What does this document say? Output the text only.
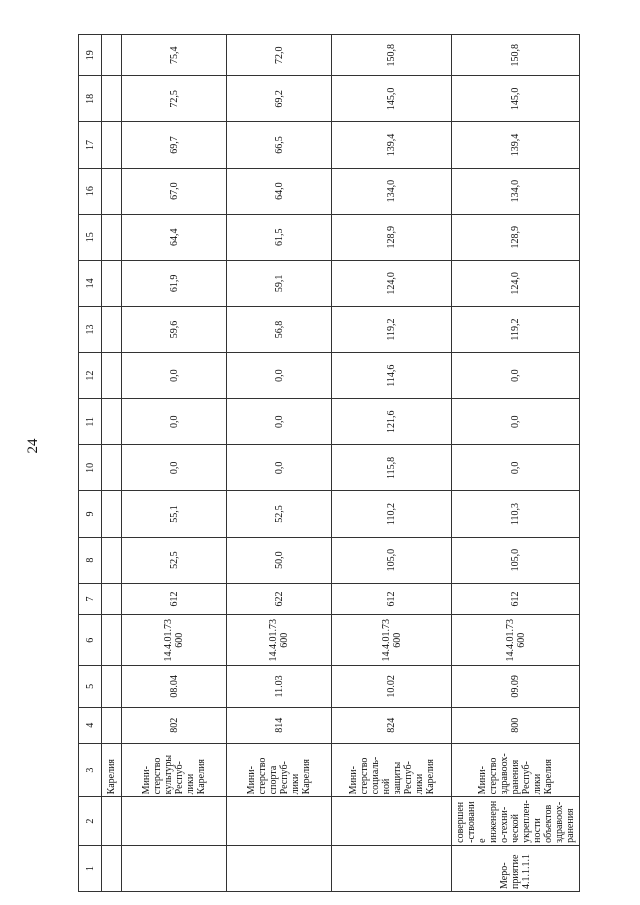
24
1	2	3	4	5	6	7	8	9	10	11	12	13	14	15	16	17	18	19
		Карелия																
		Мини-стерство культуры Респуб-лики Карелия	802	08.04	14.4.01.73600	612	52,5	55,1	0,0	0,0	0,0	59,6	61,9	64,4	67,0	69,7	72,5	75,4
		Мини-стерство спорта Респуб-лики Карелия	814	11.03	14.4.01.73600	622	50,0	52,5	0,0	0,0	0,0	56,8	59,1	61,5	64,0	66,5	69,2	72,0
		Мини-стерство социаль-ной защиты Респуб-лики Карелия	824	10.02	14.4.01.73600	612	105,0	110,2	115,8	121,6	114,6	119,2	124,0	128,9	134,0	139,4	145,0	150,8
Меро-приятие 4.1.1.1.1	совершен-ствование инженерно-техни-ческой укреплен-ности объектов здравоох-ранения	Мини-стерство здравоох-ранения Респуб-лики Карелия	800	09.09	14.4.01.73600	612	105,0	110,3	0,0	0,0	0,0	119,2	124,0	128,9	134,0	139,4	145,0	150,8
